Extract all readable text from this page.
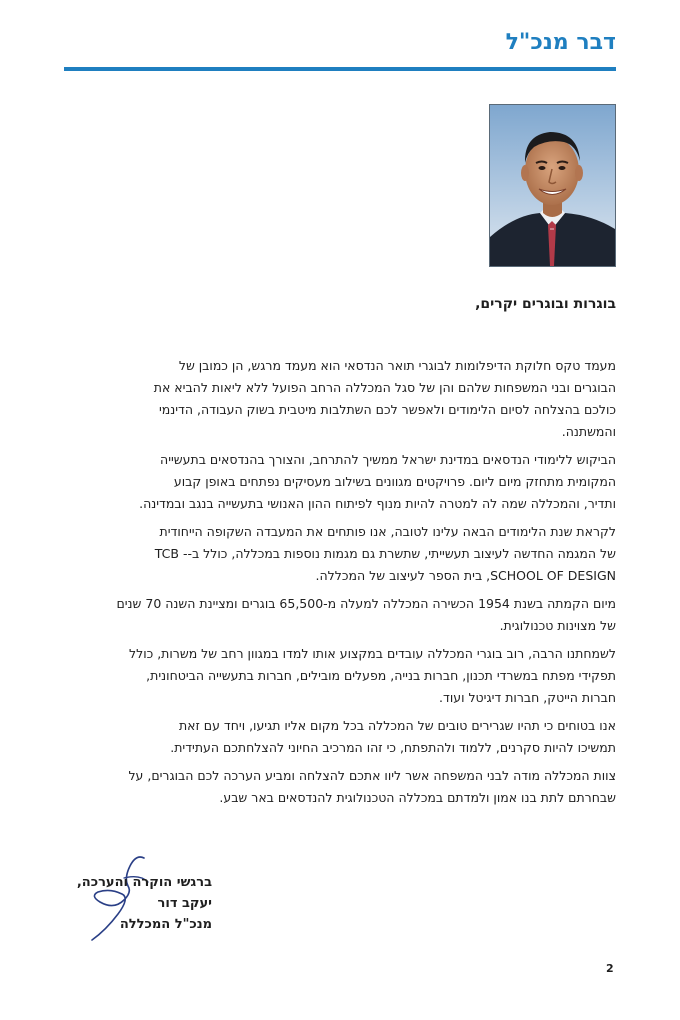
דבר מנכ"ל

בוגרות ובוגרים יקרים,

מעמד טקס חלוקת הדיפלומות לבוגרי תואר הנדסאי הוא מעמד מרגש, הן כמובן של
הבוגרים ובני המשפחות שלהם והן של סגל המכללה הרחב הפועל ללא ליאות להביא את
כולכם בהצלחה לסיום הלימודים ולאפשר לכם השתלבות מיטבית בשוק העבודה, הדינמי
והמשתנה.

הביקוש ללימודי הנדסאים במדינת ישראל ממשיך להתרחב, והצורך בהנדסאים בתעשייה
המקומית מתחזק מיום ליום. פרויקטים מגוונים בשילוב מעסיקים נפתחים באופן קבוע
ותדיר, והמכללה שמה לה למטרה להיות מנוף לפיתוח ההון האנושי בתעשייה בנגב ובמדינה.

לקראת שנת הלימודים הבאה עלינו לטובה, אנו פותחים את המעבדה השקופה הייחודית
של המגמה החדשה לעיצוב תעשייתי, שתשרת גם מגמות נוספות במכללה, כולל ב-- TCB
SCHOOL OF DESIGN, בית הספר לעיצוב של המכללה.

מיום הקמתה בשנת 1954 הכשירה המכללה למעלה מ-65,500 בוגרים ומציינת השנה 70 שנים
של מצוינות טכנולוגית.

לשמחתנו הרבה, רוב בוגרי המכללה עובדים במקצוע אותו למדו במגוון רחב של משרות, כולל
תפקידי מפתח במשרדי תכנון, חברות בנייה, מפעלים מובילים, חברות בתעשייה הביטחונית,
חברות הייטק, חברות דיגיטל ועוד.

אנו בטוחים כי תהיו שגרירים טובים של המכללה בכל מקום אליו תגיעו, ויחד עם זאת
תמשיכו להיות סקרנים, ללמוד ולהתפתח, כי זהו המרכיב החיוני להצלחתכם העתידית.

צוות המכללה מודה לבני המשפחה אשר ליוו אתכם להצלחה ומביע הערכה לכם הבוגרים, על
שבחרתם לתת בנו אמון ולמדתם במכללה הטכנולוגית להנדסאים באר שבע.

ברגשי הוקרה והערכה,
יעקב דור
מנכ"ל המכללה
2
